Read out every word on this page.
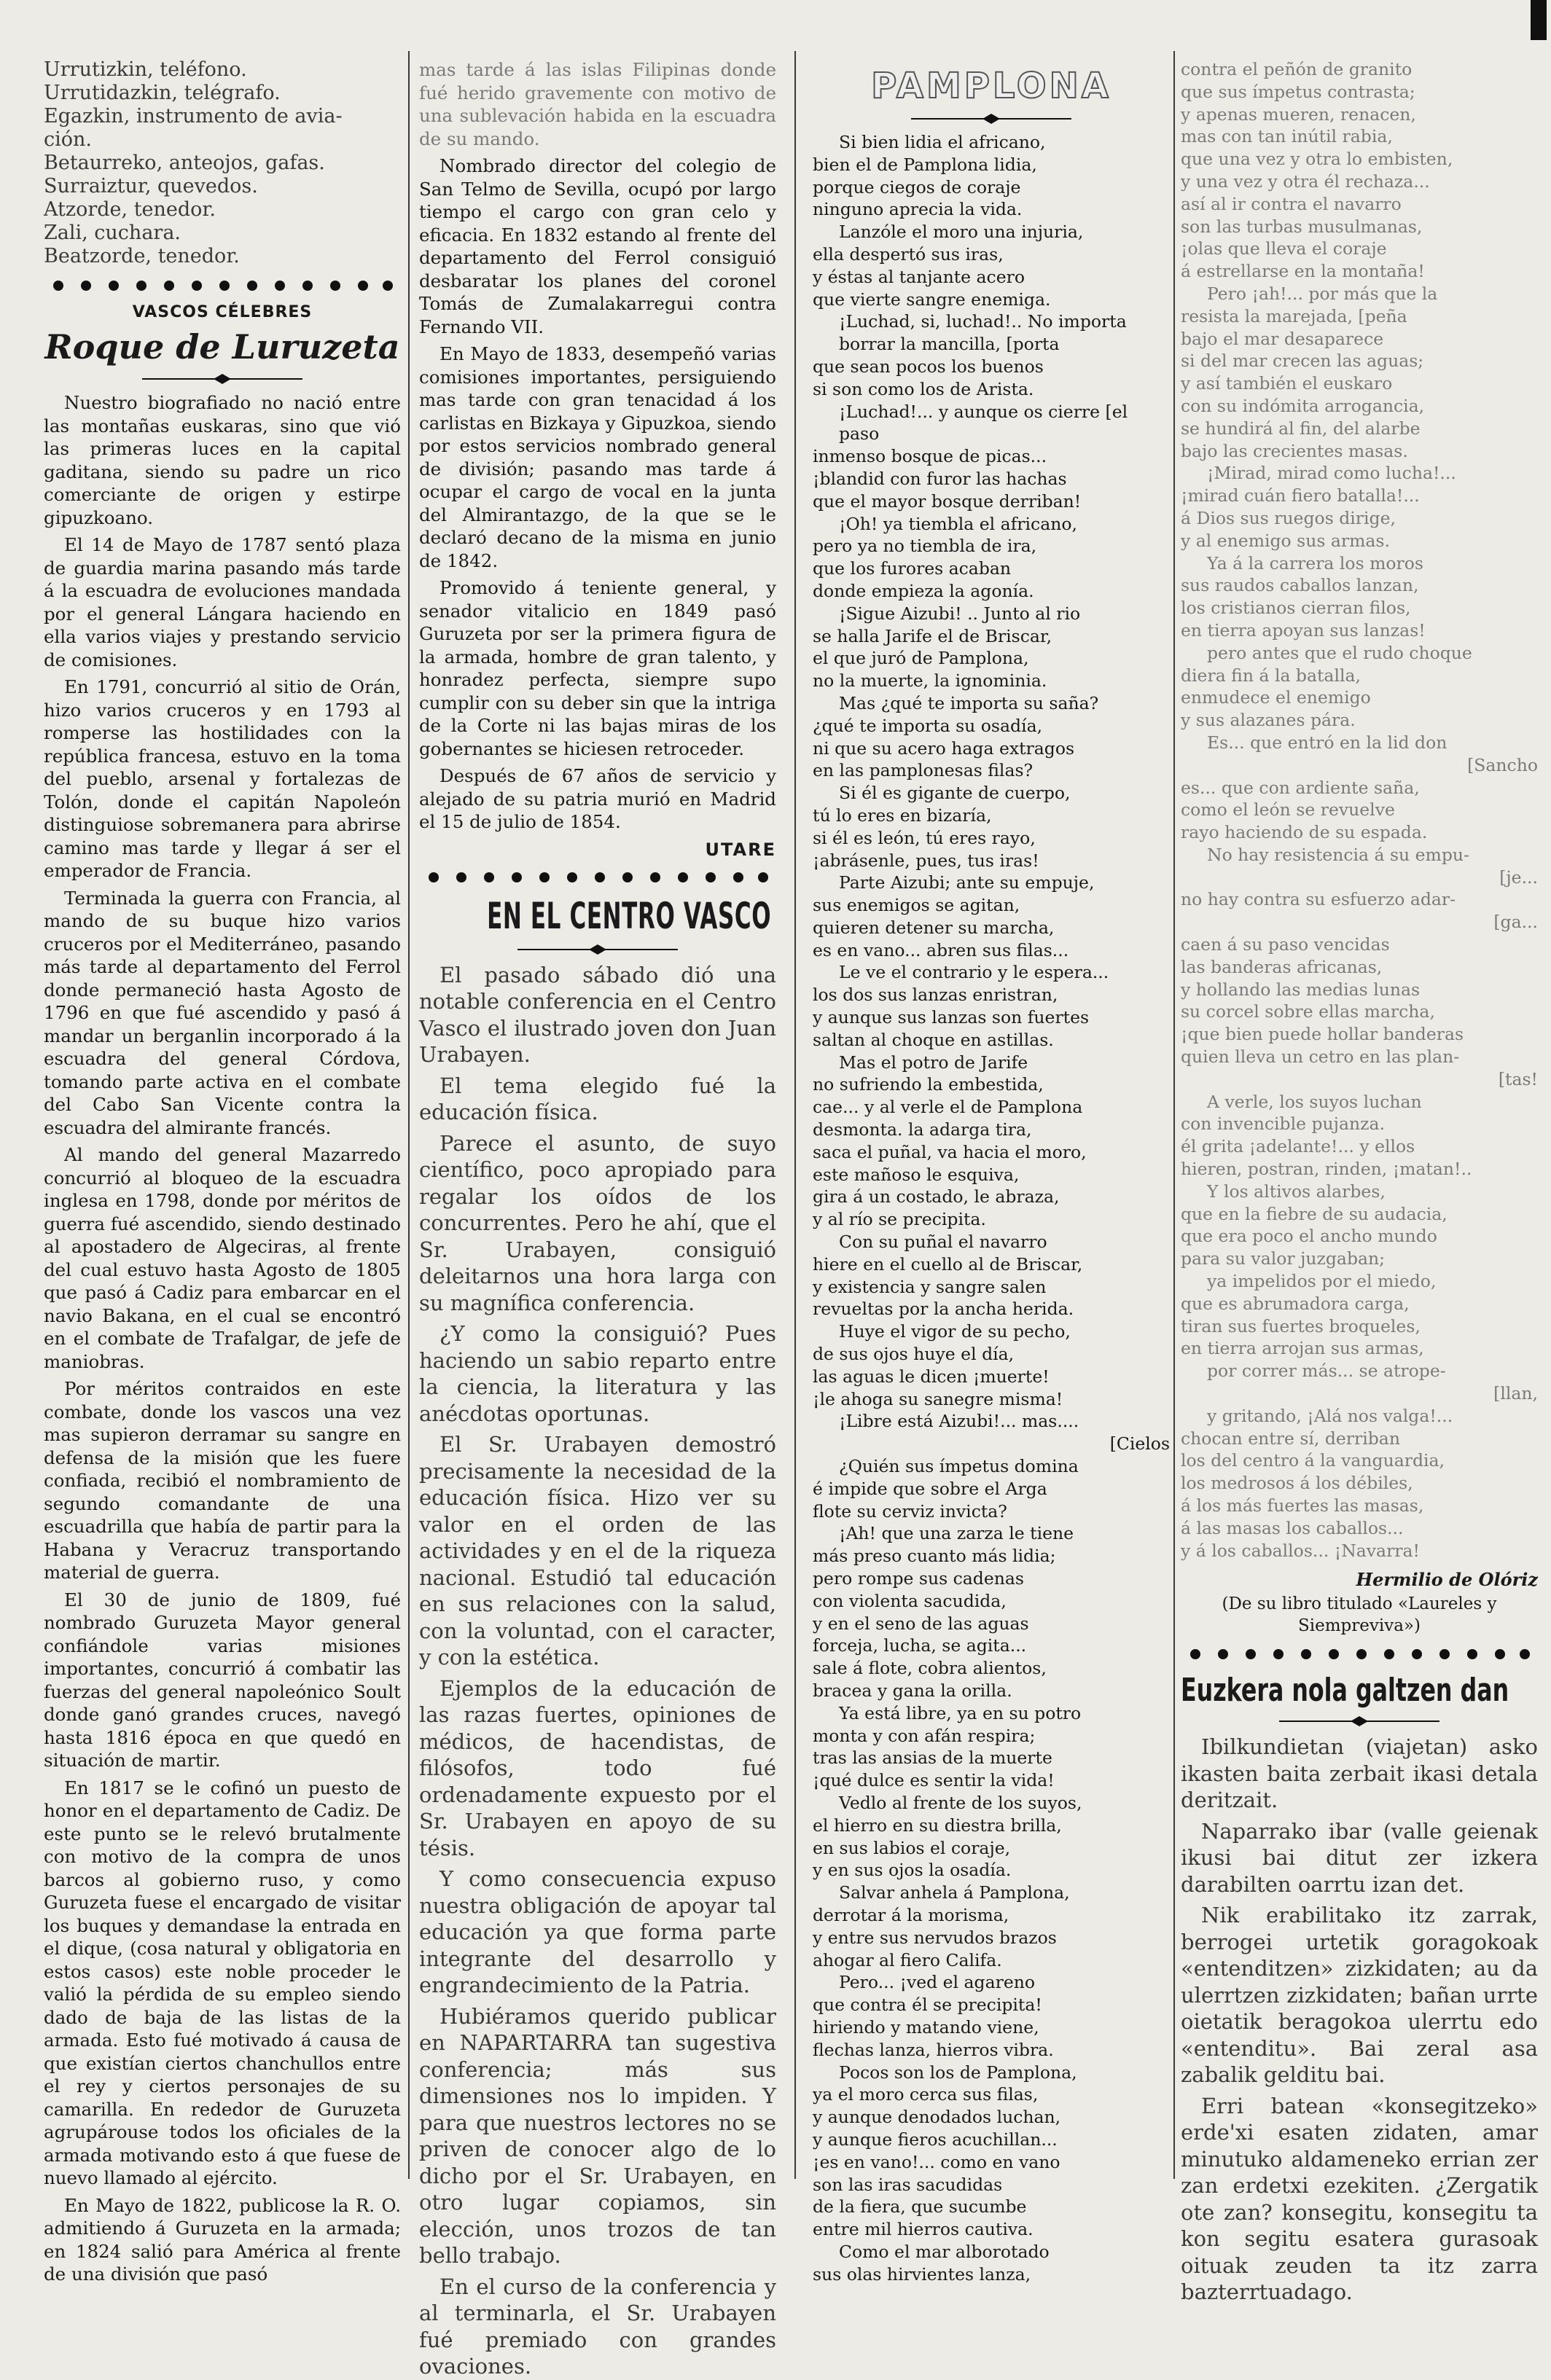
Urrutizkin, teléfono.

Urrutidazkin, telégrafo.

Egazkin, instrumento de avia-

ción.

Betaurreko, anteojos, gafas.

Surraiztur, quevedos.

Atzorde, tenedor.

Zali, cuchara.

Beatzorde, tenedor.

VASCOS CÉLEBRES
Roque de Luruzeta

Nuestro biografiado no nació entre las montañas euskaras, sino que vió las primeras luces en la capital gaditana, siendo su padre un rico comerciante de origen y estirpe gipuzkoano.

El 14 de Mayo de 1787 sentó plaza de guardia marina pasando más tarde á la escuadra de evoluciones mandada por el general Lángara haciendo en ella varios viajes y prestando servicio de comisiones.

En 1791, concurrió al sitio de Orán, hizo varios cruceros y en 1793 al romperse las hostilidades con la república francesa, estuvo en la toma del pueblo, arsenal y fortalezas de Tolón, donde el capitán Napoleón distinguiose sobremanera para abrirse camino mas tarde y llegar á ser el emperador de Francia.

Terminada la guerra con Francia, al mando de su buque hizo varios cruceros por el Mediterráneo, pasando más tarde al departamento del Ferrol donde permaneció hasta Agosto de 1796 en que fué ascendido y pasó á mandar un berganlin incorporado á la escuadra del general Córdova, tomando parte activa en el combate del Cabo San Vicente contra la escuadra del almirante francés.

Al mando del general Mazarredo concurrió al bloqueo de la escuadra inglesa en 1798, donde por méritos de guerra fué ascendido, siendo destinado al apostadero de Algeciras, al frente del cual estuvo hasta Agosto de 1805 que pasó á Cadiz para embarcar en el navio Bakana, en el cual se encontró en el combate de Trafalgar, de jefe de maniobras.

Por méritos contraidos en este combate, donde los vascos una vez mas supieron derramar su sangre en defensa de la misión que les fuere confiada, recibió el nombramiento de segundo comandante de una escuadrilla que había de partir para la Habana y Veracruz transportando material de guerra.

El 30 de junio de 1809, fué nombrado Guruzeta Mayor general confiándole varias misiones importantes, concurrió á combatir las fuerzas del general napoleónico Soult donde ganó grandes cruces, navegó hasta 1816 época en que quedó en situación de martir.

En 1817 se le cofinó un puesto de honor en el departamento de Cadiz. De este punto se le relevó brutalmente con motivo de la compra de unos barcos al gobierno ruso, y como Guruzeta fuese el encargado de visitar los buques y demandase la entrada en el dique, (cosa natural y obligatoria en estos casos) este noble proceder le valió la pérdida de su empleo siendo dado de baja de las listas de la armada. Esto fué motivado á causa de que existían ciertos chanchullos entre el rey y ciertos personajes de su camarilla. En rededor de Guruzeta agrupárouse todos los oficiales de la armada motivando esto á que fuese de nuevo llamado al ejército.

En Mayo de 1822, publicose la R. O. admitiendo á Guruzeta en la armada; en 1824 salió para América al frente de una división que pasó

mas tarde á las islas Filipinas donde fué herido gravemente con motivo de una sublevación habida en la escuadra de su mando.

Nombrado director del colegio de San Telmo de Sevilla, ocupó por largo tiempo el cargo con gran celo y eficacia. En 1832 estando al frente del departamento del Ferrol consiguió desbaratar los planes del coronel Tomás de Zumalakarregui contra Fernando VII.

En Mayo de 1833, desempeñó varias comisiones importantes, persiguiendo mas tarde con gran tenacidad á los carlistas en Bizkaya y Gipuzkoa, siendo por estos servicios nombrado general de división; pasando mas tarde á ocupar el cargo de vocal en la junta del Almirantazgo, de la que se le declaró decano de la misma en junio de 1842.

Promovido á teniente general, y senador vitalicio en 1849 pasó Guruzeta por ser la primera figura de la armada, hombre de gran talento, y honradez perfecta, siempre supo cumplir con su deber sin que la intriga de la Corte ni las bajas miras de los gobernantes se hiciesen retroceder.

Después de 67 años de servicio y alejado de su patria murió en Madrid el 15 de julio de 1854.

UTARE
EN EL CENTRO VASCO

El pasado sábado dió una notable conferencia en el Centro Vasco el ilustrado joven don Juan Urabayen.

El tema elegido fué la educación física.

Parece el asunto, de suyo científico, poco apropiado para regalar los oídos de los concurrentes. Pero he ahí, que el Sr. Urabayen, consiguió deleitarnos una hora larga con su magnífica conferencia.

¿Y como la consiguió? Pues haciendo un sabio reparto entre la ciencia, la literatura y las anécdotas oportunas.

El Sr. Urabayen demostró precisamente la necesidad de la educación física. Hizo ver su valor en el orden de las actividades y en el de la riqueza nacional. Estudió tal educación en sus relaciones con la salud, con la voluntad, con el caracter, y con la estética.

Ejemplos de la educación de las razas fuertes, opiniones de médicos, de hacendistas, de filósofos, todo fué ordenadamente expuesto por el Sr. Urabayen en apoyo de su tésis.

Y como consecuencia expuso nuestra obligación de apoyar tal educación ya que forma parte integrante del desarrollo y engrandecimiento de la Patria.

Hubiéramos querido publicar en NAPARTARRA tan sugestiva conferencia; más sus dimensiones nos lo impiden. Y para que nuestros lectores no se priven de conocer algo de lo dicho por el Sr. Urabayen, en otro lugar copiamos, sin elección, unos trozos de tan bello trabajo.

En el curso de la conferencia y al terminarla, el Sr. Urabayen fué premiado con grandes ovaciones.

PAMPLONA

Si bien lidia el africano,

bien el de Pamplona lidia,

porque ciegos de coraje

ninguno aprecia la vida.

Lanzóle el moro una injuria,

ella despertó sus iras,

y éstas al tanjante acero

que vierte sangre enemiga.

¡Luchad, si, luchad!.. No importa borrar la mancilla, [porta

que sean pocos los buenos

si son como los de Arista.

¡Luchad!... y aunque os cierre [el paso

inmenso bosque de picas...

¡blandid con furor las hachas

que el mayor bosque derriban!

¡Oh! ya tiembla el africano,

pero ya no tiembla de ira,

que los furores acaban

donde empieza la agonía.

¡Sigue Aizubi! .. Junto al rio

se halla Jarife el de Briscar,

el que juró de Pamplona,

no la muerte, la ignominia.

Mas ¿qué te importa su saña?

¿qué te importa su osadía,

ni que su acero haga extragos

en las pamplonesas filas?

Si él es gigante de cuerpo,

tú lo eres en bizaría,

si él es león, tú eres rayo,

¡abrásenle, pues, tus iras!

Parte Aizubi; ante su empuje,

sus enemigos se agitan,

quieren detener su marcha,

es en vano... abren sus filas...

Le ve el contrario y le espera...

los dos sus lanzas enristran,

y aunque sus lanzas son fuertes

saltan al choque en astillas.

Mas el potro de Jarife

no sufriendo la embestida,

cae... y al verle el de Pamplona

desmonta. la adarga tira,

saca el puñal, va hacia el moro,

este mañoso le esquiva,

gira á un costado, le abraza,

y al río se precipita.

Con su puñal el navarro

hiere en el cuello al de Briscar,

y existencia y sangre salen

revueltas por la ancha herida.

Huye el vigor de su pecho,

de sus ojos huye el día,

las aguas le dicen ¡muerte!

¡le ahoga su sanegre misma!

¡Libre está Aizubi!... mas....

[Cielos

¿Quién sus ímpetus domina

é impide que sobre el Arga

flote su cerviz invicta?

¡Ah! que una zarza le tiene

más preso cuanto más lidia;

pero rompe sus cadenas

con violenta sacudida,

y en el seno de las aguas

forceja, lucha, se agita...

sale á flote, cobra alientos,

bracea y gana la orilla.

Ya está libre, ya en su potro

monta y con afán respira;

tras las ansias de la muerte

¡qué dulce es sentir la vida!

Vedlo al frente de los suyos,

el hierro en su diestra brilla,

en sus labios el coraje,

y en sus ojos la osadía.

Salvar anhela á Pamplona,

derrotar á la morisma,

y entre sus nervudos brazos

ahogar al fiero Califa.

Pero... ¡ved el agareno

que contra él se precipita!

hiriendo y matando viene,

flechas lanza, hierros vibra.

Pocos son los de Pamplona,

ya el moro cerca sus filas,

y aunque denodados luchan,

y aunque fieros acuchillan...

¡es en vano!... como en vano

son las iras sacudidas

de la fiera, que sucumbe

entre mil hierros cautiva.

Como el mar alborotado

sus olas hirvientes lanza,

contra el peñón de granito

que sus ímpetus contrasta;

y apenas mueren, renacen,

mas con tan inútil rabia,

que una vez y otra lo embisten,

y una vez y otra él rechaza...

así al ir contra el navarro

son las turbas musulmanas,

¡olas que lleva el coraje

á estrellarse en la montaña!

Pero ¡ah!... por más que la

resista la marejada, [peña

bajo el mar desaparece

si del mar crecen las aguas;

y así también el euskaro

con su indómita arrogancia,

se hundirá al fin, del alarbe

bajo las crecientes masas.

¡Mirad, mirad como lucha!...

¡mirad cuán fiero batalla!...

á Dios sus ruegos dirige,

y al enemigo sus armas.

Ya á la carrera los moros

sus raudos caballos lanzan,

los cristianos cierran filos,

en tierra apoyan sus lanzas!

pero antes que el rudo choque

diera fin á la batalla,

enmudece el enemigo

y sus alazanes pára.

Es... que entró en la lid don

[Sancho

es... que con ardiente saña,

como el león se revuelve

rayo haciendo de su espada.

No hay resistencia á su empu-

[je...

no hay contra su esfuerzo adar-

[ga...

caen á su paso vencidas

las banderas africanas,

y hollando las medias lunas

su corcel sobre ellas marcha,

¡que bien puede hollar banderas

quien lleva un cetro en las plan-

[tas!

A verle, los suyos luchan

con invencible pujanza.

él grita ¡adelante!... y ellos

hieren, postran, rinden, ¡matan!..

Y los altivos alarbes,

que en la fiebre de su audacia,

que era poco el ancho mundo

para su valor juzgaban;

ya impelidos por el miedo,

que es abrumadora carga,

tiran sus fuertes broqueles,

en tierra arrojan sus armas,

por correr más... se atrope-

[llan,

y gritando, ¡Alá nos valga!...

chocan entre sí, derriban

los del centro á la vanguardia,

los medrosos á los débiles,

á los más fuertes las masas,

á las masas los caballos...

y á los caballos... ¡Navarra!

Hermilio de Olóriz
(De su libro titulado «Laureles y Siempreviva»)
Euzkera nola galtzen dan

Ibilkundietan (viajetan) asko ikasten baita zerbait ikasi detala deritzait.

Naparrako ibar (valle geienak ikusi bai ditut zer izkera darabilten oarrtu izan det.

Nik erabilitako itz zarrak, berrogei urtetik goragokoak «entenditzen» zizkidaten; au da ulerrtzen zizkidaten; bañan urrte oietatik beragokoa ulerrtu edo «entenditu». Bai zeral asa zabalik gelditu bai.

Erri batean «konsegitzeko» erde'xi esaten zidaten, amar minutuko aldameneko errian zer zan erdetxi ezekiten. ¿Zergatik ote zan? konsegitu, konsegitu ta kon segitu esatera gurasoak oituak zeuden ta itz zarra bazterrtuadago.
